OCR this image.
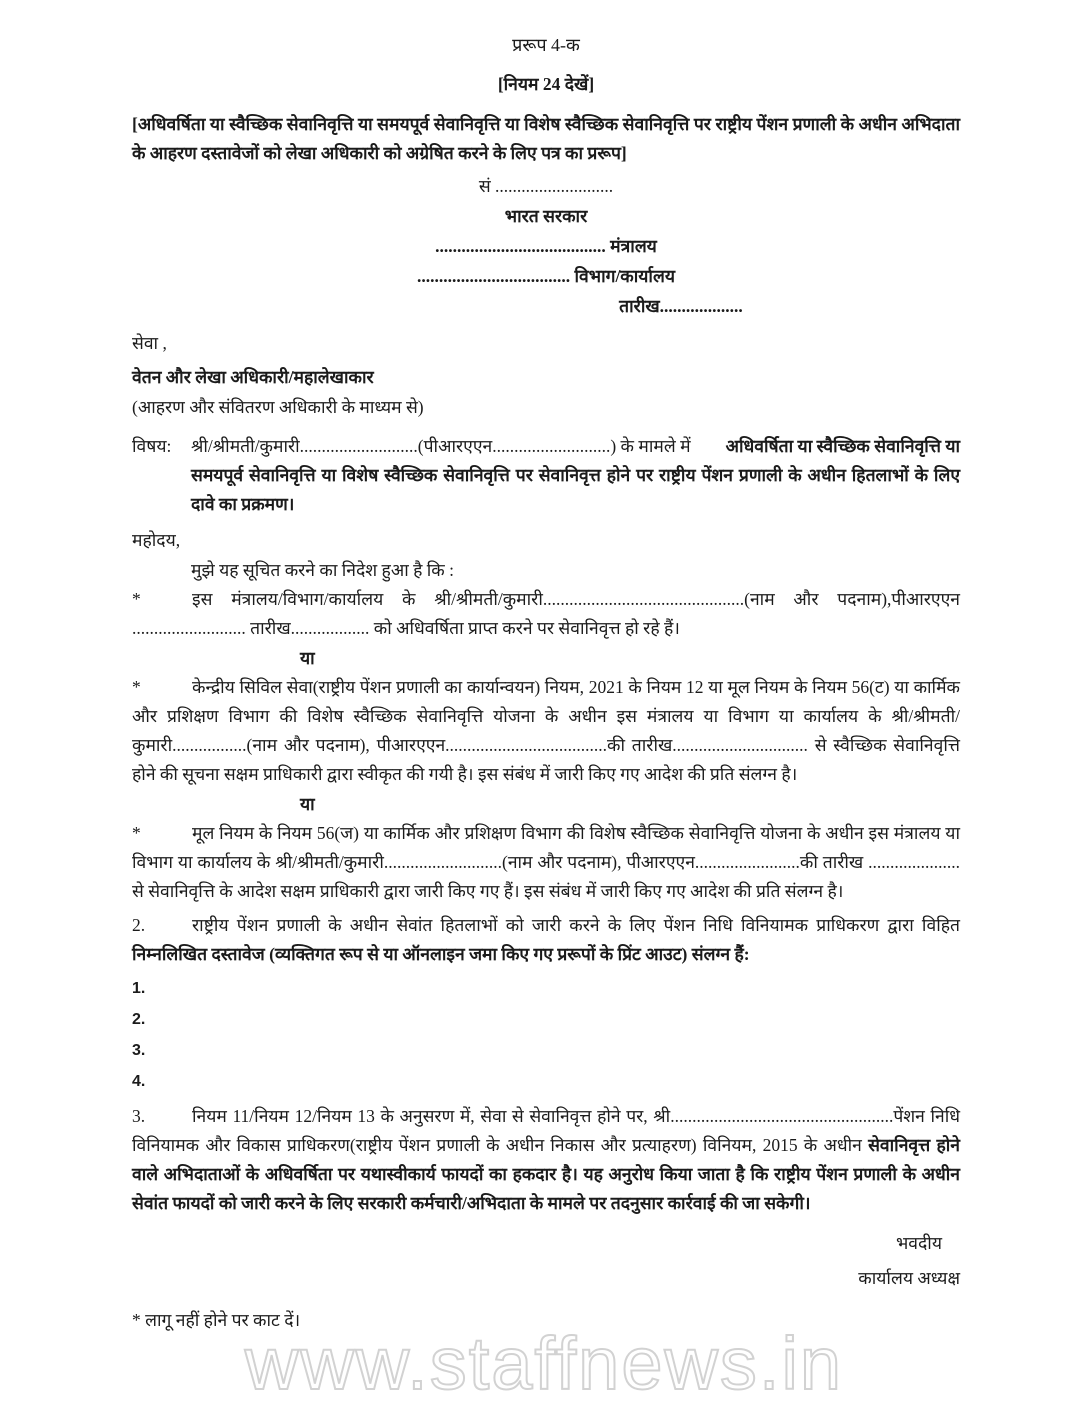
प्ररूप 4-क
[नियम 24 देखें]
[अधिवर्षिता या स्वैच्छिक सेवानिवृत्ति या समयपूर्व सेवानिवृत्ति या विशेष स्वैच्छिक सेवानिवृत्ति पर राष्ट्रीय पेंशन प्रणाली के अधीन अभिदाता के आहरण दस्तावेजों को लेखा अधिकारी को अग्रेषित करने के लिए पत्र का प्ररूप]
सं ...........................
भारत सरकार
....................................... मंत्रालय
................................... विभाग/कार्यालय
तारीख...................
सेवा ,
वेतन और लेखा अधिकारी/महालेखाकार
(आहरण और संवितरण अधिकारी के माध्यम से)
विषय:	श्री/श्रीमती/कुमारी...........................(पीआरएएन...........................) के मामले में  अधिवर्षिता या स्वैच्छिक सेवानिवृत्ति या समयपूर्व सेवानिवृत्ति या विशेष स्वैच्छिक सेवानिवृत्ति पर सेवानिवृत्त होने पर राष्ट्रीय पेंशन प्रणाली के अधीन हितलाभों के लिए दावे का प्रक्रमण।
महोदय,
मुझे यह सूचित करने का निदेश हुआ है कि :
*	इस मंत्रालय/विभाग/कार्यालय के श्री/श्रीमती/कुमारी..............................................(नाम और पदनाम),पीआरएएन .......................... तारीख.................. को अधिवर्षिता प्राप्त करने पर सेवानिवृत्त हो रहे हैं।
या
*	केन्द्रीय सिविल सेवा(राष्ट्रीय पेंशन प्रणाली का कार्यान्वयन) नियम, 2021 के नियम 12 या मूल नियम के नियम 56(ट) या कार्मिक और प्रशिक्षण विभाग की विशेष स्वैच्छिक सेवानिवृत्ति योजना के अधीन इस मंत्रालय या विभाग या कार्यालय के श्री/श्रीमती/कुमारी.................(नाम और पदनाम), पीआरएएन.....................................की तारीख............................... से स्वैच्छिक सेवानिवृत्ति होने की सूचना सक्षम प्राधिकारी द्वारा स्वीकृत की गयी है। इस संबंध में जारी किए गए आदेश की प्रति संलग्न है।
या
*	मूल नियम के नियम 56(ज) या कार्मिक और प्रशिक्षण विभाग की विशेष स्वैच्छिक सेवानिवृत्ति योजना के अधीन इस मंत्रालय या विभाग या कार्यालय के श्री/श्रीमती/कुमारी...........................(नाम और पदनाम), पीआरएएन........................की तारीख ..................... से सेवानिवृत्ति के आदेश सक्षम प्राधिकारी द्वारा जारी किए गए हैं। इस संबंध में जारी किए गए आदेश की प्रति संलग्न है।
2.	राष्ट्रीय पेंशन प्रणाली के अधीन सेवांत हितलाभों को जारी करने के लिए पेंशन निधि विनियामक प्राधिकरण द्वारा विहित निम्नलिखित दस्तावेज (व्यक्तिगत रूप से या ऑनलाइन जमा किए गए प्ररूपों के प्रिंट आउट) संलग्न हैं:
1.
2.
3.
4.
3.	नियम 11/नियम 12/नियम 13 के अनुसरण में, सेवा से सेवानिवृत्त होने पर, श्री...................................................पेंशन निधि विनियामक और विकास प्राधिकरण(राष्ट्रीय पेंशन प्रणाली के अधीन निकास और प्रत्याहरण) विनियम, 2015 के अधीन सेवानिवृत्त होने वाले अभिदाताओं के अधिवर्षिता पर यथास्वीकार्य फायदों का हकदार है। यह अनुरोध किया जाता है कि राष्ट्रीय पेंशन प्रणाली के अधीन सेवांत फायदों को जारी करने के लिए सरकारी कर्मचारी/अभिदाता के मामले पर तदनुसार कार्रवाई की जा सकेगी।
भवदीय
कार्यालय अध्यक्ष
* लागू नहीं होने पर काट दें।
www.staffnews.in
